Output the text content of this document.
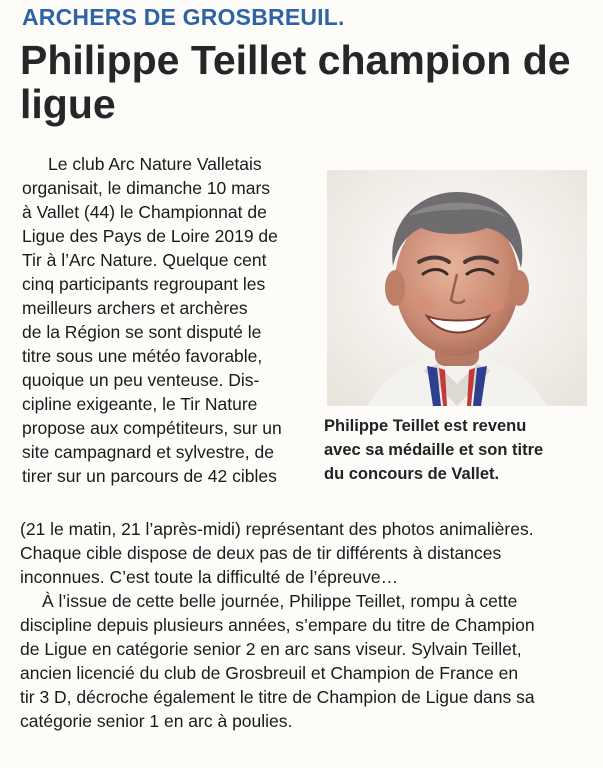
ARCHERS DE GROSBREUIL.
Philippe Teillet champion de ligue

Le club Arc Nature Valletais

organisait, le dimanche 10 mars

à Vallet (44) le Championnat de

Ligue des Pays de Loire 2019 de

Tir à l’Arc Nature. Quelque cent

cinq participants regroupant les

meilleurs archers et archères

de la Région se sont disputé le

titre sous une météo favorable,

quoique un peu venteuse. Dis-

cipline exigeante, le Tir Nature

propose aux compétiteurs, sur un

site campagnard et sylvestre, de

tirer sur un parcours de 42 cibles

Philippe Teillet est revenu
avec sa médaille et son titre
du concours de Vallet.

(21 le matin, 21 l’après-midi) représentant des photos animalières.

Chaque cible dispose de deux pas de tir différents à distances

inconnues. C’est toute la difficulté de l’épreuve…

À l’issue de cette belle journée, Philippe Teillet, rompu à cette

discipline depuis plusieurs années, s’empare du titre de Champion

de Ligue en catégorie senior 2 en arc sans viseur. Sylvain Teillet,

ancien licencié du club de Grosbreuil et Champion de France en

tir 3 D, décroche également le titre de Champion de Ligue dans sa

catégorie senior 1 en arc à poulies.
